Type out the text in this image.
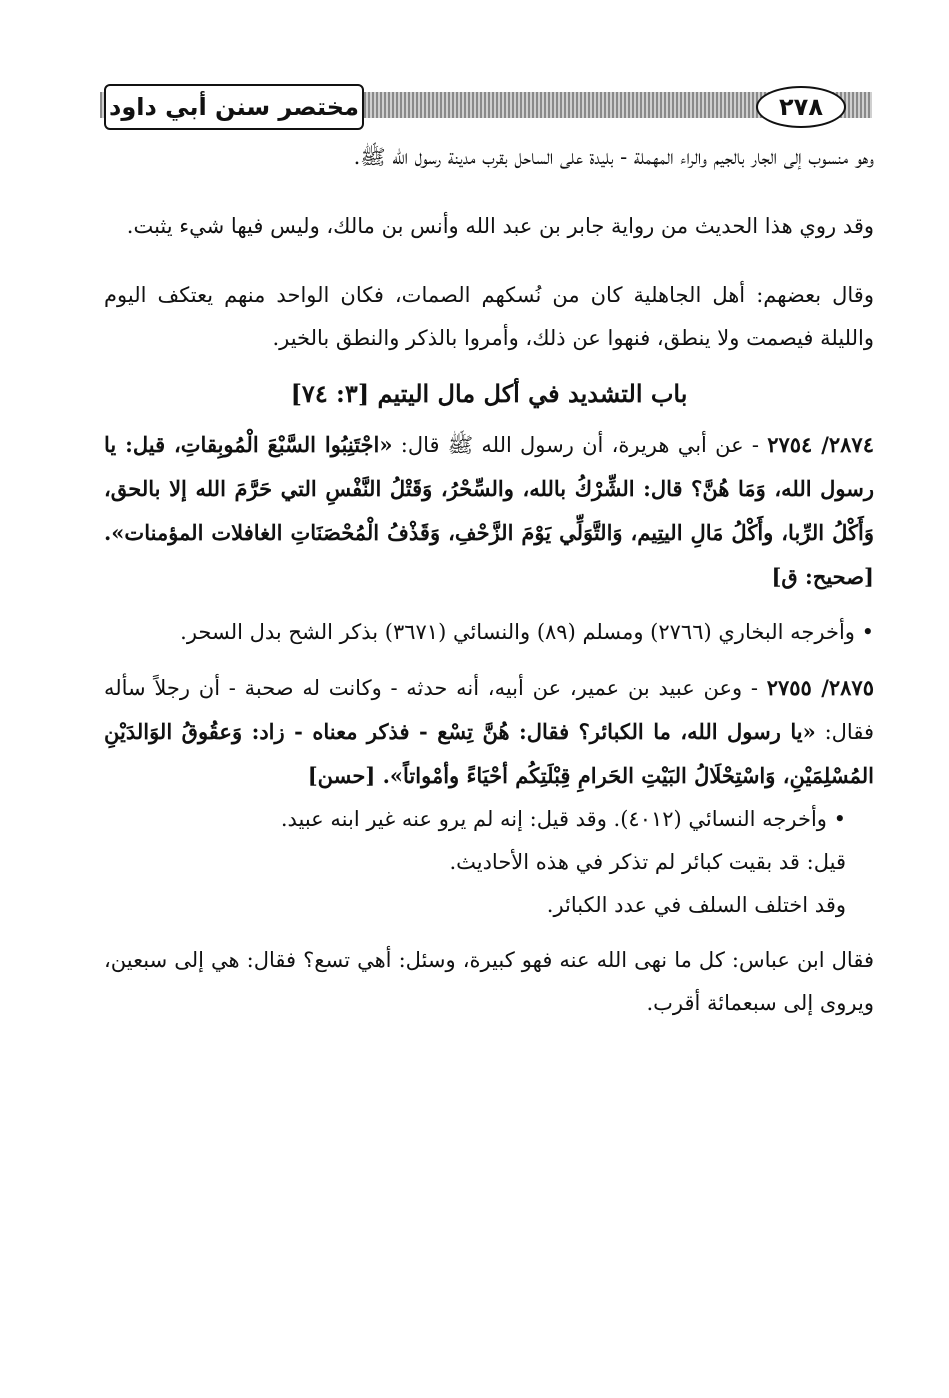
مختصر سنن أبي داود	٢٧٨

وهو منسوب إلى الجار بالجيم والراء المهملة - بليدة على الساحل بقرب مدينة رسول الله ﷺ.

وقد روي هذا الحديث من رواية جابر بن عبد الله وأنس بن مالك، وليس فيها شيء يثبت.

وقال بعضهم: أهل الجاهلية كان من نُسكهم الصمات، فكان الواحد منهم يعتكف اليوم والليلة فيصمت ولا ينطق، فنهوا عن ذلك، وأمروا بالذكر والنطق بالخير.

باب التشديد في أكل مال اليتيم [٣: ٧٤]

٢٨٧٤/ ٢٧٥٤ - عن أبي هريرة، أن رسول الله ﷺ قال: «اجْتَنِبُوا السَّبْعَ الْمُوبِقاتِ، قيل: يا رسول الله، وَمَا هُنَّ؟ قال: الشِّرْكُ بالله، والسِّحْرُ، وَقَتْلُ النَّفْسِ التي حَرَّمَ الله إلا بالحق، وَأَكْلُ الرِّبا، وأَكْلُ مَالِ اليتِيم، وَالتَّوَلِّي يَوْمَ الزَّحْفِ، وَقَذْفُ الْمُحْصَنَاتِ الغافلات المؤمنات». [صحيح: ق]

• وأخرجه البخاري (٢٧٦٦) ومسلم (٨٩) والنسائي (٣٦٧١) بذكر الشح بدل السحر.

٢٨٧٥/ ٢٧٥٥ - وعن عبيد بن عمير، عن أبيه، أنه حدثه - وكانت له صحبة - أن رجلاً سأله فقال: «يا رسول الله، ما الكبائر؟ فقال: هُنَّ تِسْع - فذكر معناه - زاد: وَعقُوقُ الوَالدَيْنِ المُسْلِمَيْنِ، وَاسْتِحْلَالُ البَيْتِ الحَرامِ قِبْلَتِكُم أحْيَاءً وأمْواتاً». [حسن]

• وأخرجه النسائي (٤٠١٢). وقد قيل: إنه لم يرو عنه غير ابنه عبيد.

قيل: قد بقيت كبائر لم تذكر في هذه الأحاديث.

وقد اختلف السلف في عدد الكبائر.

فقال ابن عباس: كل ما نهى الله عنه فهو كبيرة، وسئل: أهي تسع؟ فقال: هي إلى سبعين، ويروى إلى سبعمائة أقرب.
